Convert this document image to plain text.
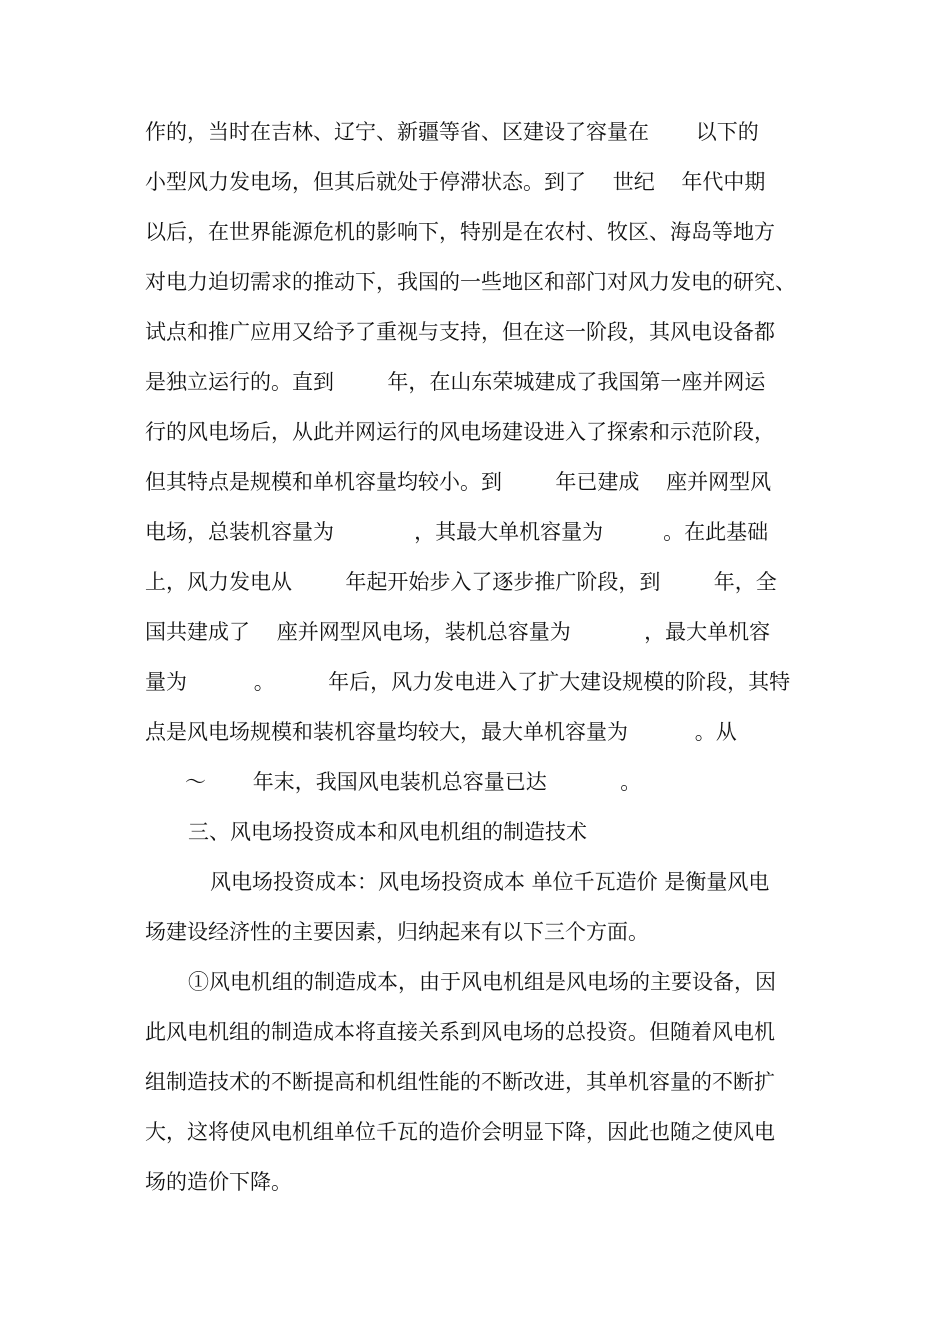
作的，当时在吉林、辽宁、新疆等省、区建设了容量在       以下的
小型风力发电场，但其后就处于停滞状态。到了    世纪    年代中期
以后，在世界能源危机的影响下，特别是在农村、牧区、海岛等地方
对电力迫切需求的推动下，我国的一些地区和部门对风力发电的研究、
试点和推广应用又给予了重视与支持，但在这一阶段，其风电设备都
是独立运行的。直到        年，在山东荣城建成了我国第一座并网运
行的风电场后，从此并网运行的风电场建设进入了探索和示范阶段，
但其特点是规模和单机容量均较小。到        年已建成    座并网型风
电场，总装机容量为            ，其最大单机容量为         。在此基础
上，风力发电从        年起开始步入了逐步推广阶段，到        年，全
国共建成了    座并网型风电场，装机总容量为           ，最大单机容
量为          。        年后，风力发电进入了扩大建设规模的阶段，其特
点是风电场规模和装机容量均较大，最大单机容量为          。从
～       年末，我国风电装机总容量已达           。
三、风电场投资成本和风电机组的制造技术
风电场投资成本：风电场投资成本 单位千瓦造价 是衡量风电
场建设经济性的主要因素，归纳起来有以下三个方面。
①风电机组的制造成本，由于风电机组是风电场的主要设备，因
此风电机组的制造成本将直接关系到风电场的总投资。但随着风电机
组制造技术的不断提高和机组性能的不断改进，其单机容量的不断扩
大，这将使风电机组单位千瓦的造价会明显下降，因此也随之使风电
场的造价下降。
